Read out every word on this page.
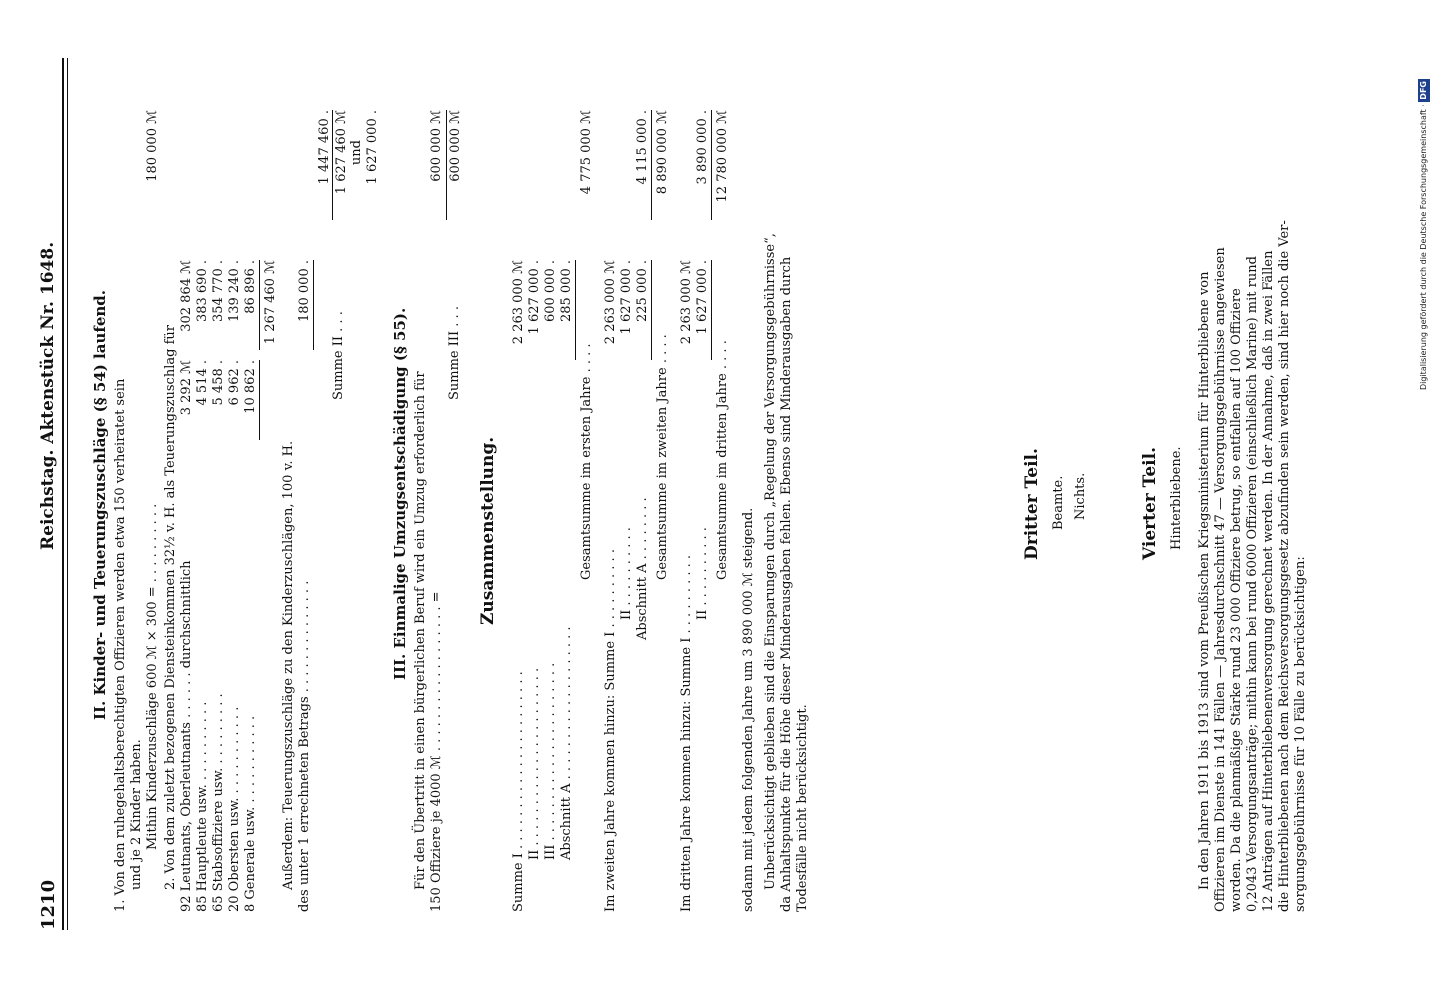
1210
Reichstag. Aktenstück Nr. 1648. II. Kinder- und Teuerungszuschläge (§ 54) laufend. 1. Von den ruhegehaltsberechtigten Offizieren werden etwa 150 verheiratet sein und je 2 Kinder haben. Mithin Kinderzuschläge 600 ℳ × 300 = . . . . . . . . . .
180 000 ℳ
2. Von dem zuletzt bezogenen Diensteinkommen 32½ v. H. als Teuerungszuschlag für 92 Leutnants, Oberleutnants . . . . . . durchschnittlich
3 292 ℳ
302 864 ℳ
85 Hauptleute usw. . . . . . . . . . .
4 514 .
383 690 .
65 Stabsoffiziere usw. . . . . . . . . .
5 458 .
354 770 .
20 Obersten usw. . . . . . . . . . . .
6 962 .
139 240 .
8 Generale usw. . . . . . . . . . . .
10 862 .
86 896 . 1 267 460 ℳ
Außerdem: Teuerungszuschläge zu den Kinderzuschlägen, 100 v. H. des unter 1 errechneten Betrags . . . . . . . . . . . . . .
180 000 .
1 447 460 .
Summe II . . .
1 627 460 ℳ und 1 627 000 .
III. Einmalige Umzugsentschädigung (§ 55). Für den Übertritt in einen bürgerlichen Beruf wird ein Umzug erforderlich für 150 Offiziere je 4000 ℳ . . . . . . . . . . . . . . . . . . =
600 000 ℳ
Summe III . . .
600 000 ℳ
Zusammenstellung.
Summe I . . . . . . . . . . . . . . . . . . . . . .
2 263 000 ℳ
II . . . . . . . . . . . . . . . . . . . . . .
1 627 000 .
III . . . . . . . . . . . . . . . . . . . . . .
600 000 .
Abschnitt A . . . . . . . . . . . . . . . . . . .
285 000 .
Gesamtsumme im ersten Jahre . . . .
4 775 000 ℳ
Im zweiten Jahre kommen hinzu: Summe I . . . . . . . . . .
2 263 000 ℳ
II . . . . . . . . . .
1 627 000 .
Abschnitt A . . . . . . . .
225 000 .
4 115 000 .
Gesamtsumme im zweiten Jahre . . . .
8 890 000 ℳ
Im dritten Jahre kommen hinzu: Summe I . . . . . . . . . .
2 263 000 ℳ
II . . . . . . . . . .
1 627 000 .
3 890 000 .
Gesamtsumme im dritten Jahre . . . .
12 780 000 ℳ
sodann mit jedem folgenden Jahre um 3 890 000 ℳ steigend. Unberücksichtigt geblieben sind die Einsparungen durch „Regelung der Versorgungsgebührnisse“, da Anhaltspunkte für die Höhe dieser Minderausgaben fehlen. Ebenso sind Minderausgaben durch Todesfälle nicht berücksichtigt.
Dritter Teil. Beamte. Nichts.	Vierter Teil. Hinterbliebene. In den Jahren 1911 bis 1913 sind vom Preußischen Kriegsministerium für Hinterbliebene von Offizieren im Dienste in 141 Fällen — Jahresdurchschnitt 47 — Versorgungsgebührnisse angewiesen worden. Da die planmäßige Stärke rund 23 000 Offiziere betrug, so entfallen auf 100 Offiziere 0,2043 Versorgungsanträge; mithin kann bei rund 6000 Offizieren (einschließlich Marine) mit rund 12 Anträgen auf Hinterbliebenenversorgung gerechnet werden. In der Annahme, daß in zwei Fällen die Hinterbliebenen nach dem Reichsversorgungsgesetz abzufinden sein werden, sind hier noch die Ver- sorgungsgebührnisse für 10 Fälle zu berücksichtigen:
Digitalisierung gefördert durch die Deutsche Forschungsgemeinschaft · DFG
